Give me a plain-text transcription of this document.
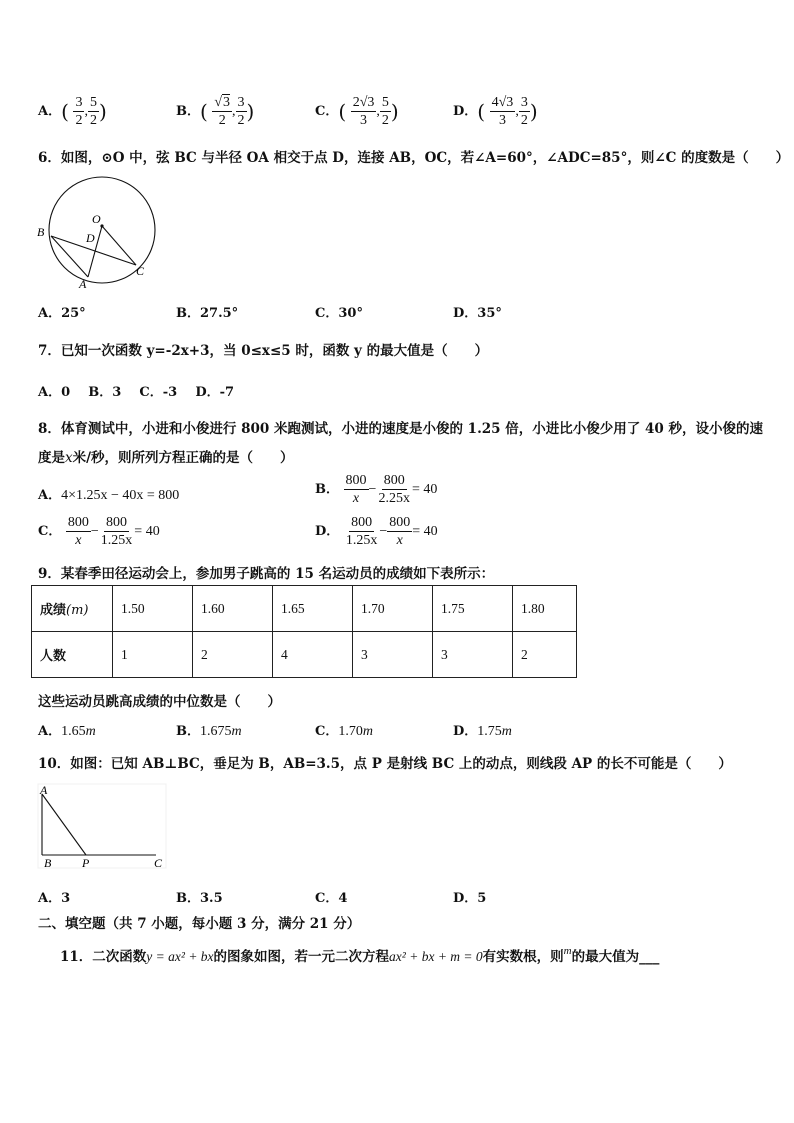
A．( $\frac{3}{2}$ , $\frac{5}{2}$ )	B．( $\frac{√3}{2}$ , $\frac{3}{2}$ )	C．( $\frac{2√3}{3}$ , $\frac{5}{2}$ )	D．( $\frac{4√3}{3}$ , $\frac{3}{2}$ )
6．如图，⊙O 中，弦 BC 与半径 OA 相交于点 D，连接 AB，OC，若∠A=60°，∠ADC=85°，则∠C 的度数是（　　）
O
B	D
A
C
A．25°	B．27.5°	C．30°	D．35°
7．已知一次函数 y=-2x+3，当 0≤x≤5 时，函数 y 的最大值是（　　）
A．0 B．3 C．-3 D．-7
8．体育测试中，小进和小俊进行 800 米跑测试，小进的速度是小俊的 1.25 倍，小进比小俊少用了 40 秒，设小俊的速
度是x米/秒，则所列方程正确的是（　　）
A．4×1.25x − 40x = 800	B． $\frac{800}{x} - \frac{800}{2.25x} = 40$
C． $\frac{800}{x} - \frac{800}{1.25x} = 40$	D． $\frac{800}{1.25x} - \frac{800}{x} = 40$
9．某春季田径运动会上，参加男子跳高的 15 名运动员的成绩如下表所示：
成绩(m)	1.50	1.60	1.65	1.70	1.75	1.80
人数	1	2	4	3	3	2
这些运动员跳高成绩的中位数是（　　）
A．1.65m	B．1.675m	C．1.70m	D．1.75m
10．如图：已知 AB⊥BC，垂足为 B，AB=3.5，点 P 是射线 BC 上的动点，则线段 AP 的长不可能是（　　）
A
B	P	C
A．3	B．3.5	C．4	D．5
二、填空题（共 7 小题，每小题 3 分，满分 21 分）
11．二次函数y = ax² + bx的图象如图，若一元二次方程ax² + bx + m = 0有实数根，则$^m$的最大值为___
